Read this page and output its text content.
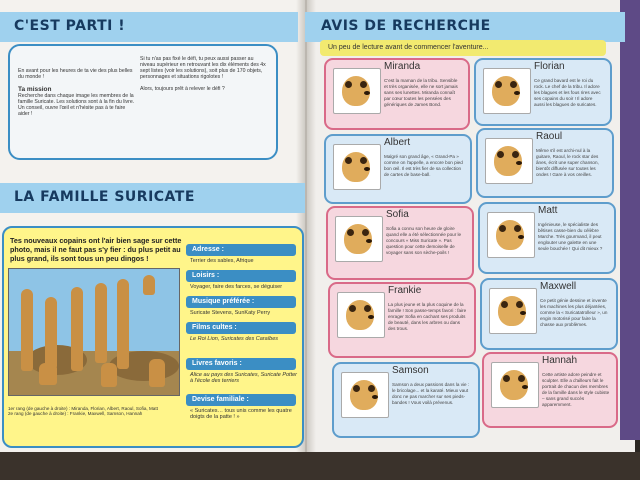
C'EST PARTI !
En avant pour les heures de ta vie des plus belles du monde !
Ta mission
Recherche dans chaque image les membres de la famille Suricate. Les solutions sont à la fin du livre. Un conseil, ouvre l'œil et n'hésite pas à te faire aider !
Si tu n'as pas fixé le défi, tu peux aussi passer au niveau supérieur en retrouvant les dix éléments des 4x sept listes (voir les solutions), soit plus de 170 objets, personnages et situations rigolotes !
Alors, toujours prêt à relever le défi ?
LA FAMILLE SURICATE
Tes nouveaux copains ont l'air bien sage sur cette photo, mais il ne faut pas s'y fier : du plus petit au plus grand, ils sont tous un peu dingos !
1er rang (de gauche à droite) : Miranda, Florian, Albert, Raoul, Sofia, Matt
2e rang (de gauche à droite) : Frankie, Maxwell, Samson, Hannah
Adresse :
Terrier des sables, Afrique
Loisirs :
Voyager, faire des farces, se déguiser
Musique préférée :
Suricate Stevens, SunKaty Perry
Films cultes :
Le Roi Lion, Suricates des Caraïbes
Livres favoris :
Alice au pays des Suricates, Suricate Potter à l'école des terriers
Devise familiale :
« Suricates… tous unis comme les quatre doigts de la patte ! »
AVIS DE RECHERCHE
Un peu de lecture avant de commencer l'aventure...
Miranda
C'est la maman de la tribu. Sensible et très organisée, elle ne sort jamais sans ses lunettes. Miranda connaît par cœur toutes les pensées des génériques de James Bond.
Florian
Ce grand bavard est le roi du rock. Le chef de la tribu. Il adore les blagues et les fous rires avec ses copains du soir ! Il adore aussi les blagues de suricates.
Albert
Malgré son grand âge, « Grand-Pa » comme on l'appelle, a encore bon pied bon œil. Il est très fier de sa collection de cartes de base-ball.
Raoul
Même s'il est archi-nul à la guitare, Raoul, le rock star des ânes, écrit une super chanson, bientôt diffusée sur toutes les ondes ! Gare à vos oreilles.
Sofia
Sofia a connu son heure de gloire quand elle a été sélectionnée pour le concours « Miss Suricate ». Pas question pour cette demoiselle de voyager sans son sèche-poils !
Matt
Ingénieuse, le spécialiste des bêtises casse-bien du célèbre Marche. Très gourmand, il peut englouter une galette en une seule bouchée ! Qui dit mieux ?
Frankie
La plus jeune et la plus coquine de la famille ! Son passe-temps favori : faire enrager Sofia en cachant ses produits de beauté, dans les arbres ou dans des trous.
Maxwell
Ce petit génie dessine et invente les machines les plus déjantées, comme la « Suricatatrolleur », un engin motorisé pour faire la chasse aux problèmes.
Samson
Samson a deux passions dans la vie : le bricolage... et la karaté. Mieux vaut donc ne pas marcher sur ses pieds-bandes ! Vous voilà prévenus.
Hannah
Cette artiste adore peindre et sculpter. Elle a d'ailleurs fait le portrait de chacun des membres de la famille dans le style cubiste – sans grand succès apparemment.
